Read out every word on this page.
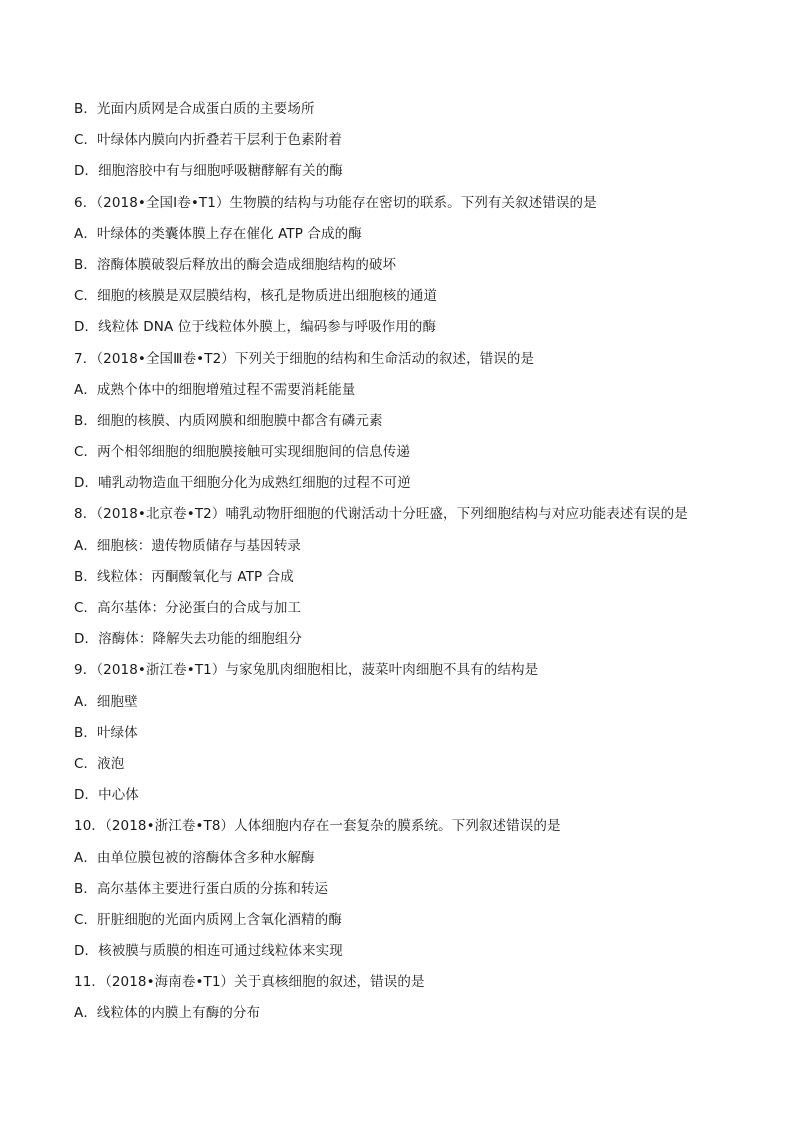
B．光面内质网是合成蛋白质的主要场所
C．叶绿体内膜向内折叠若干层利于色素附着
D．细胞溶胶中有与细胞呼吸糖酵解有关的酶
6．（2018•全国Ⅰ卷•T1）生物膜的结构与功能存在密切的联系。下列有关叙述错误的是
A．叶绿体的类囊体膜上存在催化 ATP 合成的酶
B．溶酶体膜破裂后释放出的酶会造成细胞结构的破坏
C．细胞的核膜是双层膜结构，核孔是物质进出细胞核的通道
D．线粒体 DNA 位于线粒体外膜上，编码参与呼吸作用的酶
7．（2018•全国Ⅲ卷•T2）下列关于细胞的结构和生命活动的叙述，错误的是
A．成熟个体中的细胞增殖过程不需要消耗能量
B．细胞的核膜、内质网膜和细胞膜中都含有磷元素
C．两个相邻细胞的细胞膜接触可实现细胞间的信息传递
D．哺乳动物造血干细胞分化为成熟红细胞的过程不可逆
8．（2018•北京卷•T2）哺乳动物肝细胞的代谢活动十分旺盛，下列细胞结构与对应功能表述有误的是
A．细胞核：遗传物质储存与基因转录
B．线粒体：丙酮酸氧化与 ATP 合成
C．高尔基体：分泌蛋白的合成与加工
D．溶酶体：降解失去功能的细胞组分
9．（2018•浙江卷•T1）与家兔肌肉细胞相比，菠菜叶肉细胞不具有的结构是
A．细胞壁
B．叶绿体
C．液泡
D．中心体
10．（2018•浙江卷•T8）人体细胞内存在一套复杂的膜系统。下列叙述错误的是
A．由单位膜包被的溶酶体含多种水解酶
B．高尔基体主要进行蛋白质的分拣和转运
C．肝脏细胞的光面内质网上含氧化酒精的酶
D．核被膜与质膜的相连可通过线粒体来实现
11．（2018•海南卷•T1）关于真核细胞的叙述，错误的是
A．线粒体的内膜上有酶的分布
